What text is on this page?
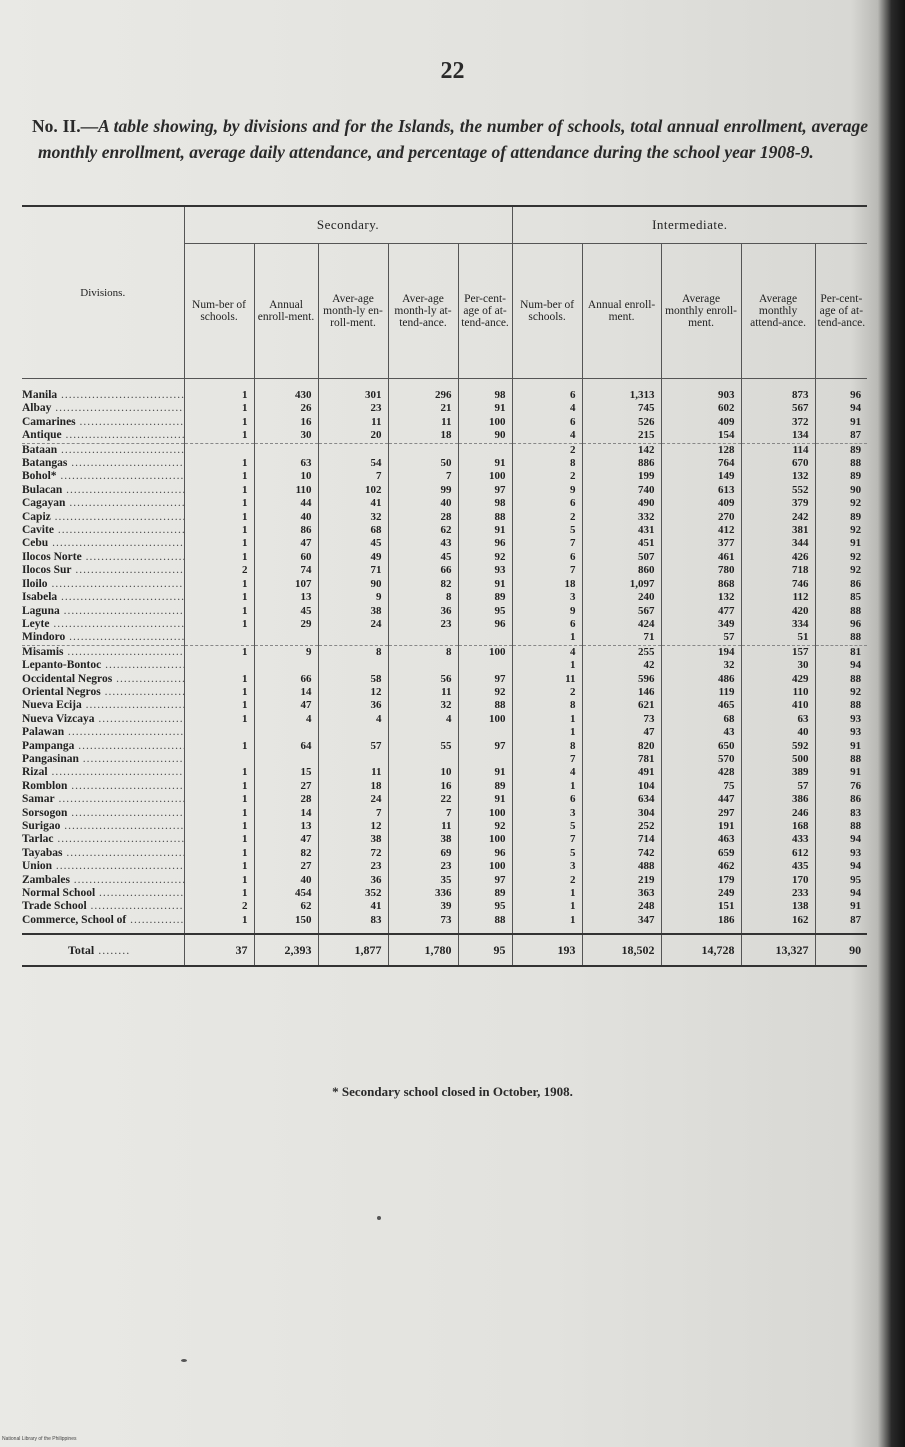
22
No. II.—A table showing, by divisions and for the Islands, the number of schools, total annual enrollment, average monthly enrollment, average daily attendance, and percentage of attendance during the school year 1908-9.
Divisions.	Secondary.					Intermediate.				
	Num-ber of schools.	Annual enroll-ment.	Aver-age month-ly en-roll-ment.	Aver-age month-ly at-tend-ance.	Per-cent-age of at-tend-ance.	Num-ber of schools.	Annual enroll-ment.	Average monthly enroll-ment.	Average monthly attend-ance.	Per-cent-age of at-tend-ance.
Manila .....	1	430	301	296	98	6	1,313	903	873	96
Albay .....	1	26	23	21	91	4	745	602	567	94
Camarines .....	1	16	11	11	100	6	526	409	372	91
Antique .....	1	30	20	18	90	4	215	154	134	87
Bataan .....						2	142	128	114	89
Batangas .....	1	63	54	50	91	8	886	764	670	88
Bohol* .....	1	10	7	7	100	2	199	149	132	89
Bulacan .....	1	110	102	99	97	9	740	613	552	90
Cagayan .....	1	44	41	40	98	6	490	409	379	92
Capiz .....	1	40	32	28	88	2	332	270	242	89
Cavite .....	1	86	68	62	91	5	431	412	381	92
Cebu .....	1	47	45	43	96	7	451	377	344	91
Ilocos Norte .....	1	60	49	45	92	6	507	461	426	92
Ilocos Sur .....	2	74	71	66	93	7	860	780	718	92
Iloilo .....	1	107	90	82	91	18	1,097	868	746	86
Isabela .....	1	13	9	8	89	3	240	132	112	85
Laguna .....	1	45	38	36	95	9	567	477	420	88
Leyte .....	1	29	24	23	96	6	424	349	334	96
Mindoro .....						1	71	57	51	88
Misamis .....	1	9	8	8	100	4	255	194	157	81
Lepanto-Bontoc .....						1	42	32	30	94
Occidental Negros .....	1	66	58	56	97	11	596	486	429	88
Oriental Negros .....	1	14	12	11	92	2	146	119	110	92
Nueva Ecija .....	1	47	36	32	88	8	621	465	410	88
Nueva Vizcaya .....	1	4	4	4	100	1	73	68	63	93
Palawan .....						1	47	43	40	93
Pampanga .....	1	64	57	55	97	8	820	650	592	91
Pangasinan .....						7	781	570	500	88
Rizal .....	1	15	11	10	91	4	491	428	389	91
Romblon .....	1	27	18	16	89	1	104	75	57	76
Samar .....	1	28	24	22	91	6	634	447	386	86
Sorsogon .....	1	14	7	7	100	3	304	297	246	83
Surigao .....	1	13	12	11	92	5	252	191	168	88
Tarlac .....	1	47	38	38	100	7	714	463	433	94
Tayabas .....	1	82	72	69	96	5	742	659	612	93
Union .....	1	27	23	23	100	3	488	462	435	94
Zambales .....	1	40	36	35	97	2	219	179	170	95
Normal School .....	1	454	352	336	89	1	363	249	233	94
Trade School .....	2	62	41	39	95	1	248	151	138	91
Commerce, School of .....	1	150	83	73	88	1	347	186	162	87

Total .....	37	2,393	1,877	1,780	95	193	18,502	14,728	13,327	90
* Secondary school closed in October, 1908.
National Library of the Philippines
